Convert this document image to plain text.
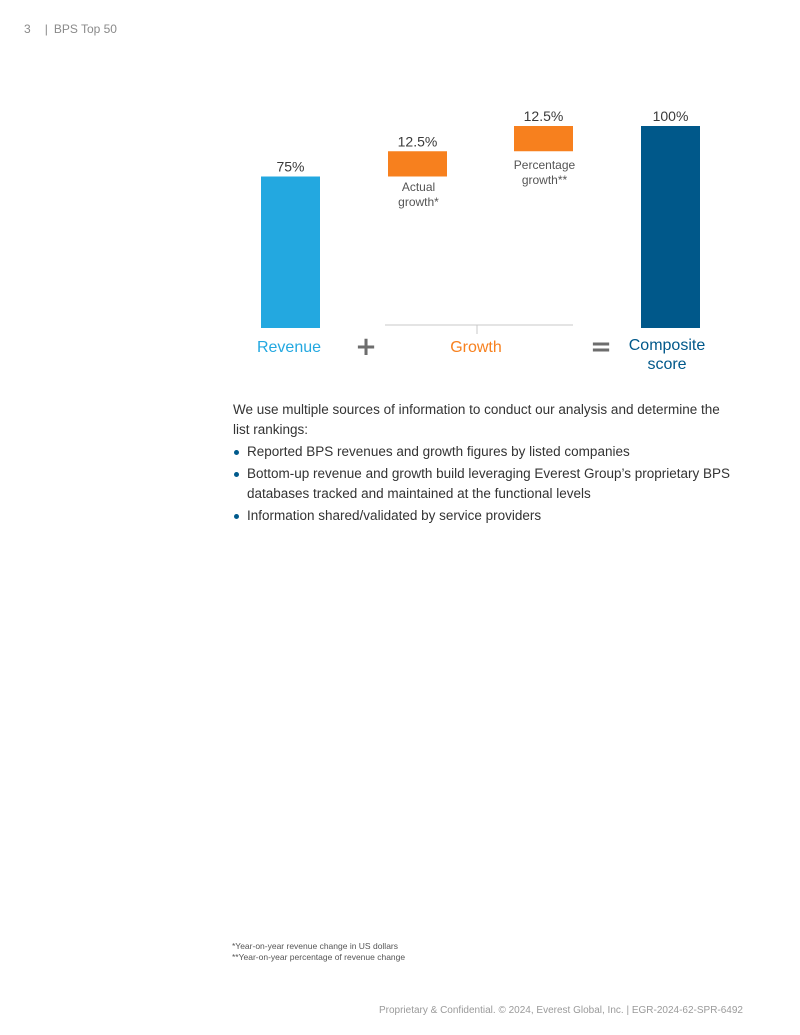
3 | BPS Top 50
75%
12.5%
Actual
growth*
12.5%
Percentage
growth**
100%
Revenue	Growth	Composite
score
+	=

We use multiple sources of information to conduct our analysis and determine the list rankings:

Reported BPS revenues and growth figures by listed companies
Bottom-up revenue and growth build leveraging Everest Group’s proprietary BPS databases tracked and maintained at the functional levels
Information shared/validated by service providers
*Year-on-year revenue change in US dollars
**Year-on-year percentage of revenue change
Proprietary & Confidential. © 2024, Everest Global, Inc. | EGR-2024-62-SPR-6492
